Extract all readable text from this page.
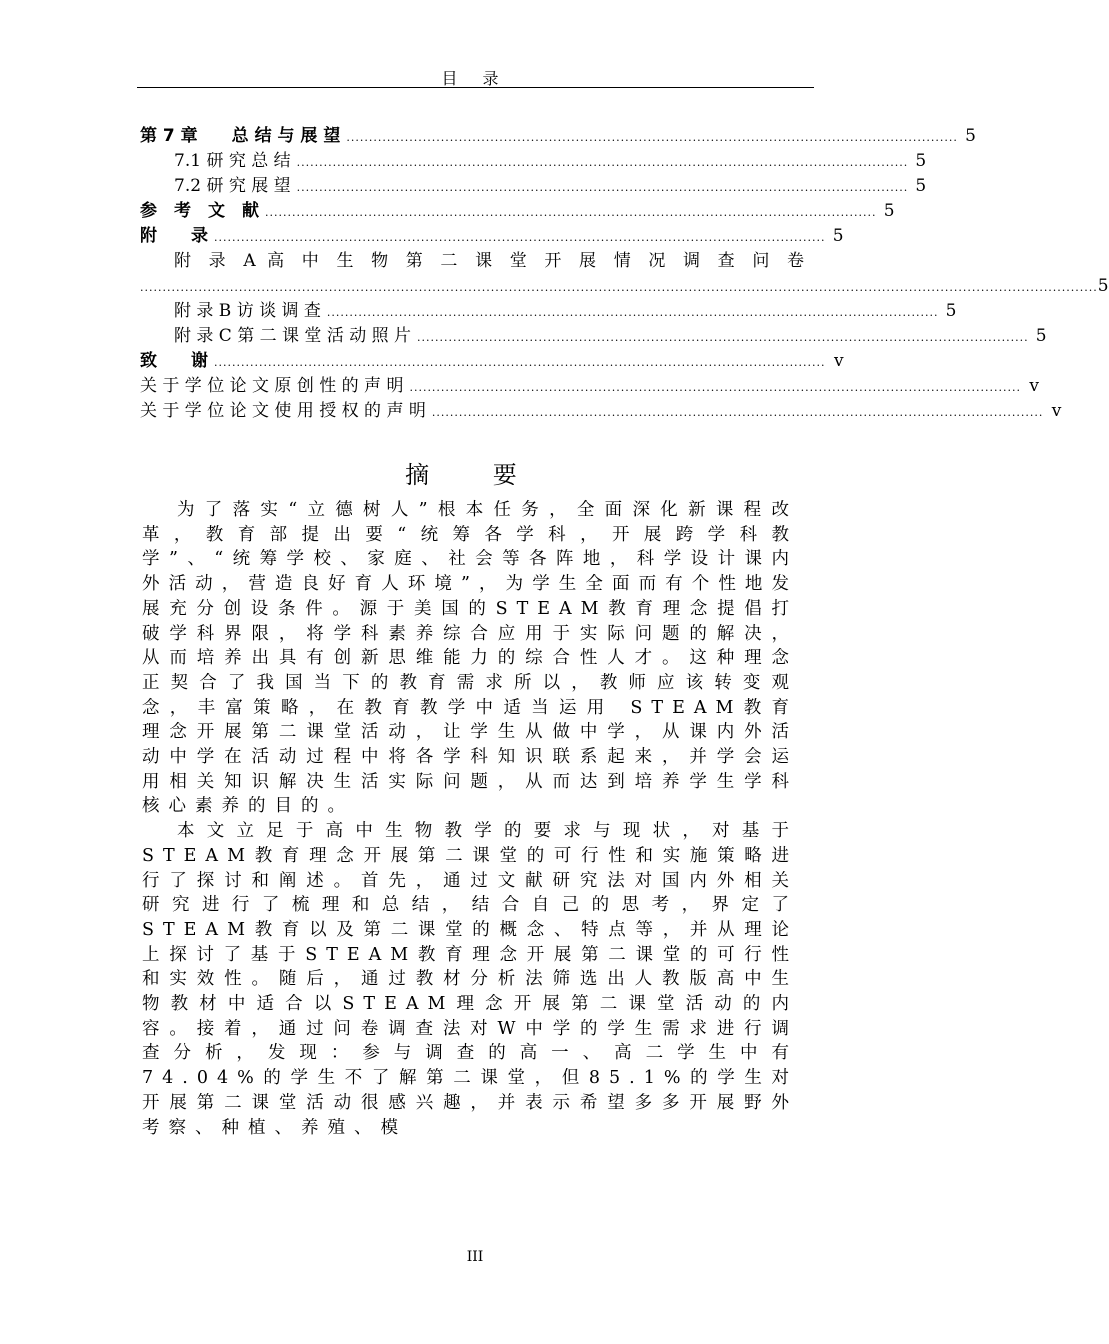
目 录
第 7 章　　总 结 与 展 望 ........................................................................................................................................ 5
7.1 研 究 总 结 ........................................................................................................................................ 5
7.2 研 究 展 望 ........................................................................................................................................ 5
参　考　文　献 ........................................................................................................................................ 5
附　　录 ........................................................................................................................................ 5
附 录 A 高 中 生 物 第 二 课 堂 开 展 情 况 调 查 问 卷
..................................................................................................................................................................................................................... 5
附 录 B 访 谈 调 查 ........................................................................................................................................ 5
附 录 C 第 二 课 堂 活 动 照 片 ........................................................................................................................................ 5
致　　谢 ........................................................................................................................................ v
关 于 学 位 论 文 原 创 性 的 声 明 ........................................................................................................................................ v
关 于 学 位 论 文 使 用 授 权 的 声 明 ........................................................................................................................................ v
摘 要

为了落实“立德树人”根本任务，全面深化新课程改革，教育部提出要“统筹各学科，开展跨学科教学”、“统筹学校、家庭、社会等各阵地，科学设计课内外活动，营造良好育人环境”，为学生全面而有个性地发展充分创设条件。源于美国的STEAM教育理念提倡打破学科界限，将学科素养综合应用于实际问题的解决，从而培养出具有创新思维能力的综合性人才。这种理念正契合了我国当下的教育需求所以，教师应该转变观念，丰富策略，在教育教学中适当运用 STEAM教育理念开展第二课堂活动，让学生从做中学，从课内外活动中学在活动过程中将各学科知识联系起来，并学会运用相关知识解决生活实际问题，从而达到培养学生学科核心素养的目的。

本文立足于高中生物教学的要求与现状，对基于STEAM教育理念开展第二课堂的可行性和实施策略进行了探讨和阐述。首先，通过文献研究法对国内外相关研究进行了梳理和总结，结合自己的思考，界定了STEAM教育以及第二课堂的概念、特点等，并从理论上探讨了基于STEAM教育理念开展第二课堂的可行性和实效性。随后，通过教材分析法筛选出人教版高中生物教材中适合以STEAM理念开展第二课堂活动的内容。接着，通过问卷调查法对W中学的学生需求进行调查分析，发现：参与调查的高一、高二学生中有74.04%的学生不了解第二课堂，但85.1%的学生对开展第二课堂活动很感兴趣，并表示希望多多开展野外考察、种植、养殖、模

III
